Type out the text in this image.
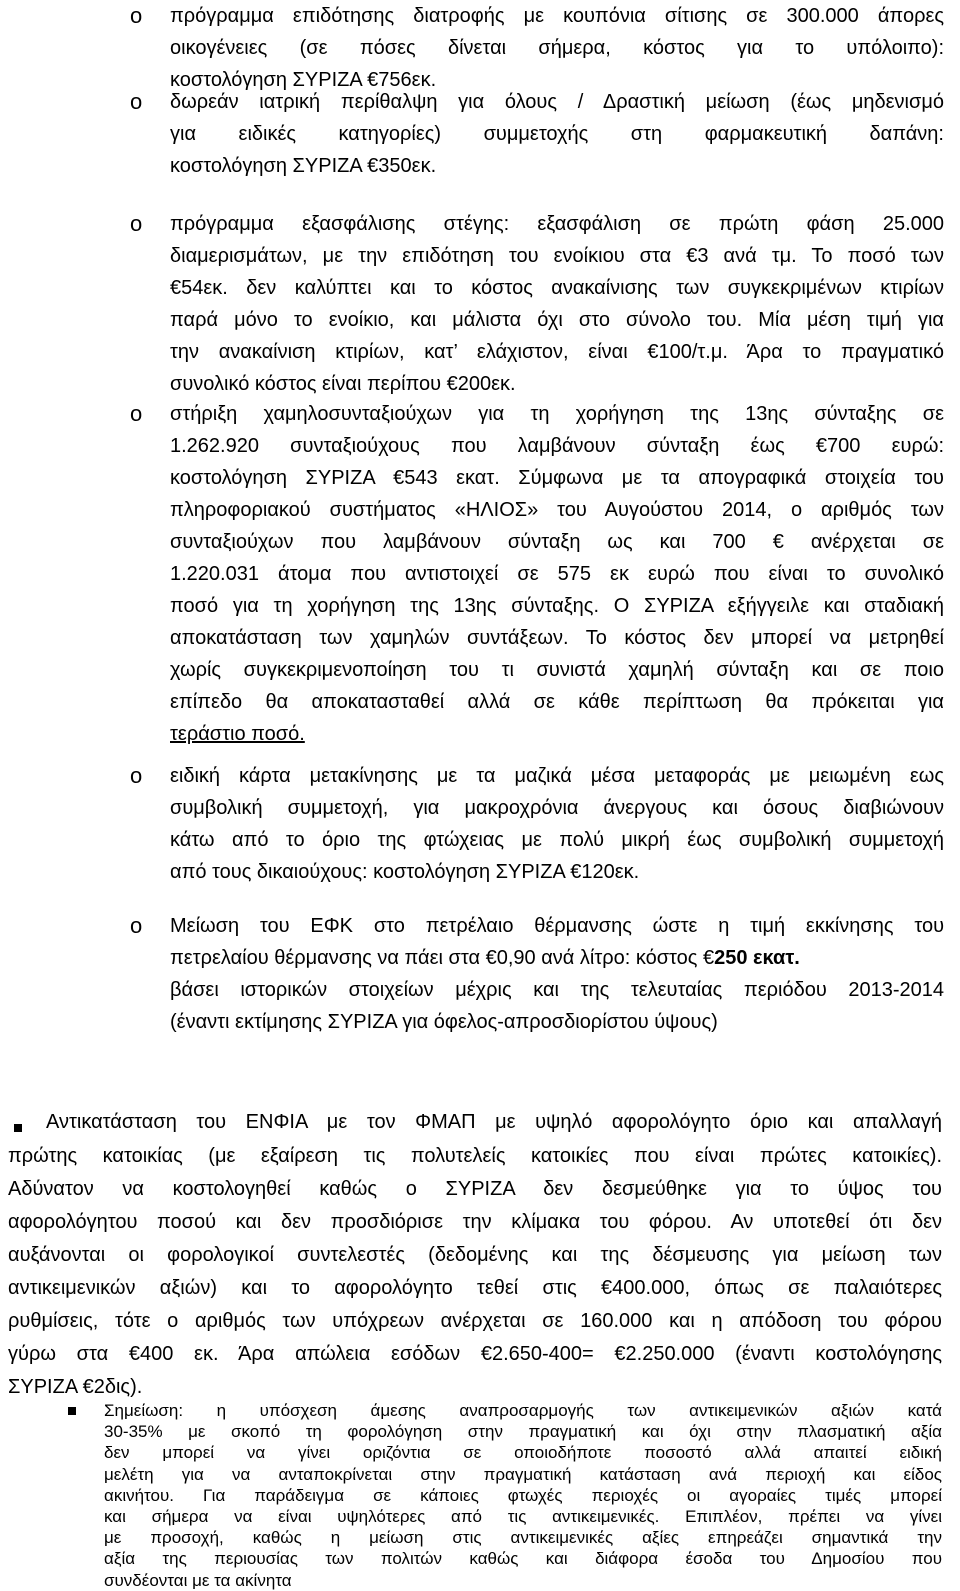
o πρόγραμμα επιδότησης διατροφής με κουπόνια σίτισης σε 300.000 άπορες
οικογένειες (σε πόσες δίνεται σήμερα, κόστος για το υπόλοιπο):
κοστολόγηση ΣΥΡΙΖΑ €756εκ.
o δωρεάν ιατρική περίθαλψη για όλους / Δραστική μείωση (έως μηδενισμό
για ειδικές κατηγορίες) συμμετοχής στη φαρμακευτική δαπάνη:
κοστολόγηση ΣΥΡΙΖΑ €350εκ.
o πρόγραμμα εξασφάλισης στέγης: εξασφάλιση σε πρώτη φάση 25.000
διαμερισμάτων, με την επιδότηση του ενοίκιου στα €3 ανά τμ. Το ποσό των
€54εκ. δεν καλύπτει και το κόστος ανακαίνισης των συγκεκριμένων κτιρίων
παρά μόνο το ενοίκιο, και μάλιστα όχι στο σύνολο του. Μία μέση τιμή για
την ανακαίνιση κτιρίων, κατ’ ελάχιστον, είναι €100/τ.μ. Άρα το πραγματικό
συνολικό κόστος είναι περίπου €200εκ.
o στήριξη χαμηλοσυνταξιούχων για τη χορήγηση της 13ης σύνταξης σε
1.262.920 συνταξιούχους που λαμβάνουν σύνταξη έως €700 ευρώ:
κοστολόγηση ΣΥΡΙΖΑ €543 εκατ. Σύμφωνα με τα απογραφικά στοιχεία του
πληροφοριακού συστήματος «ΗΛΙΟΣ» του Αυγούστου 2014, ο αριθμός των
συνταξιούχων που λαμβάνουν σύνταξη ως και 700 € ανέρχεται σε
1.220.031 άτομα που αντιστοιχεί σε 575 εκ ευρώ που είναι το συνολικό
ποσό για τη χορήγηση της 13ης σύνταξης. Ο ΣΥΡΙΖΑ εξήγγειλε και σταδιακή
αποκατάσταση των χαμηλών συντάξεων. Το κόστος δεν μπορεί να μετρηθεί
χωρίς συγκεκριμενοποίηση του τι συνιστά χαμηλή σύνταξη και σε ποιο
επίπεδο θα αποκατασταθεί αλλά σε κάθε περίπτωση θα πρόκειται για
τεράστιο ποσό.
o ειδική κάρτα μετακίνησης με τα μαζικά μέσα μεταφοράς με μειωμένη εως
συμβολική συμμετοχή, για μακροχρόνια άνεργους και όσους διαβιώνουν
κάτω από το όριο της φτώχειας με πολύ μικρή έως συμβολική συμμετοχή
από τους δικαιούχους: κοστολόγηση ΣΥΡΙΖΑ €120εκ.
o Μείωση του ΕΦΚ στο πετρέλαιο θέρμανσης ώστε η τιμή εκκίνησης του
πετρελαίου θέρμανσης να πάει στα €0,90 ανά λίτρο: κόστος €250 εκατ.
βάσει ιστορικών στοιχείων μέχρις και της τελευταίας περιόδου 2013-2014
(έναντι εκτίμησης ΣΥΡΙΖΑ για όφελος-απροσδιορίστου ύψους)
Αντικατάσταση του ΕΝΦΙΑ με τον ΦΜΑΠ με υψηλό αφορολόγητο όριο και απαλλαγή
πρώτης κατοικίας (με εξαίρεση τις πολυτελείς κατοικίες που είναι πρώτες κατοικίες).
Αδύνατον να κοστολογηθεί καθώς ο ΣΥΡΙΖΑ δεν δεσμεύθηκε για το ύψος του
αφορολόγητου ποσού και δεν προσδιόρισε την κλίμακα του φόρου. Αν υποτεθεί ότι δεν
αυξάνονται οι φορολογικοί συντελεστές (δεδομένης και της δέσμευσης για μείωση των
αντικειμενικών αξιών) και το αφορολόγητο τεθεί στις €400.000, όπως σε παλαιότερες
ρυθμίσεις, τότε ο αριθμός των υπόχρεων ανέρχεται σε 160.000 και η απόδοση του φόρου
γύρω στα €400 εκ. Άρα απώλεια εσόδων €2.650-400= €2.250.000 (έναντι κοστολόγησης
ΣΥΡΙΖΑ €2δις).
Σημείωση: η υπόσχεση άμεσης αναπροσαρμογής των αντικειμενικών αξιών κατά
30-35% με σκοπό τη φορολόγηση στην πραγματική και όχι στην πλασματική αξία
δεν μπορεί να γίνει οριζόντια σε οποιοδήποτε ποσοστό αλλά απαιτεί ειδική
μελέτη για να ανταποκρίνεται στην πραγματική κατάσταση ανά περιοχή και είδος
ακινήτου. Για παράδειγμα σε κάποιες φτωχές περιοχές οι αγοραίες τιμές μπορεί
και σήμερα να είναι υψηλότερες από τις αντικειμενικές. Επιπλέον, πρέπει να γίνει
με προσοχή, καθώς η μείωση στις αντικειμενικές αξίες επηρεάζει σημαντικά την
αξία της περιουσίας των πολιτών καθώς και διάφορα έσοδα του Δημοσίου που
συνδέονται με τα ακίνητα
